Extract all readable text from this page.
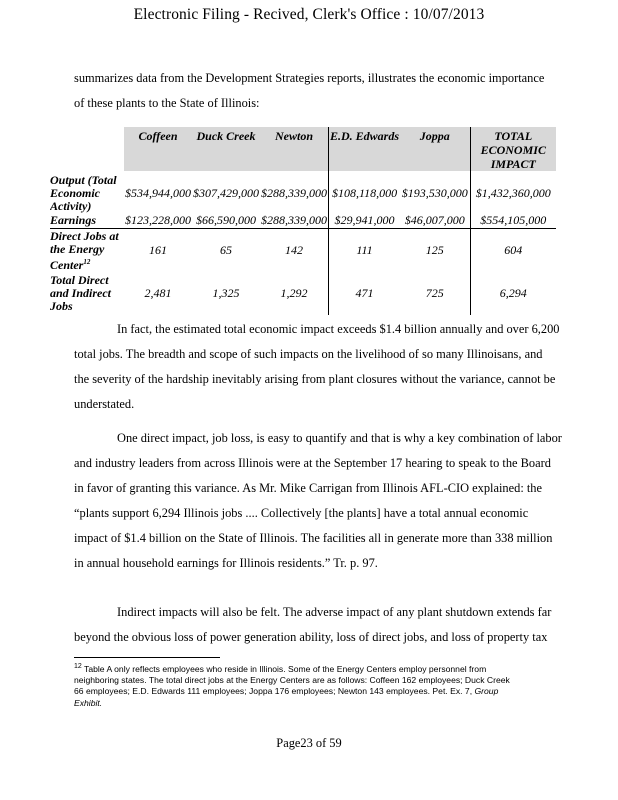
Electronic Filing - Recived, Clerk's Office : 10/07/2013

summarizes data from the Development Strategies reports, illustrates the economic importance

of these plants to the State of Illinois:

	Coffeen	Duck Creek	Newton	E.D. Edwards	Joppa	TOTAL ECONOMIC IMPACT
Output (Total Economic Activity)	$534,944,000	$307,429,000	$288,339,000	$108,118,000	$193,530,000	$1,432,360,000
Earnings	$123,228,000	$66,590,000	$288,339,000	$29,941,000	$46,007,000	$554,105,000
Direct Jobs at the Energy Center$^{12}$	161	65	142	111	125	604
Total Direct and Indirect Jobs	2,481	1,325	1,292	471	725	6,294

In fact, the estimated total economic impact exceeds $1.4 billion annually and over 6,200

total jobs. The breadth and scope of such impacts on the livelihood of so many Illinoisans, and

the severity of the hardship inevitably arising from plant closures without the variance, cannot be

understated.

One direct impact, job loss, is easy to quantify and that is why a key combination of labor

and industry leaders from across Illinois were at the September 17 hearing to speak to the Board

in favor of granting this variance. As Mr. Mike Carrigan from Illinois AFL-CIO explained: the

“plants support 6,294 Illinois jobs .... Collectively [the plants] have a total annual economic

impact of $1.4 billion on the State of Illinois. The facilities all in generate more than 338 million

in annual household earnings for Illinois residents.” Tr. p. 97.

Indirect impacts will also be felt. The adverse impact of any plant shutdown extends far

beyond the obvious loss of power generation ability, loss of direct jobs, and loss of property tax

$^{12}$ Table A only reflects employees who reside in Illinois. Some of the Energy Centers employ personnel from
neighboring states. The total direct jobs at the Energy Centers are as follows: Coffeen 162 employees; Duck Creek
66 employees; E.D. Edwards 111 employees; Joppa 176 employees; Newton 143 employees. Pet. Ex. 7, Group
Exhibit.
Page23 of 59
